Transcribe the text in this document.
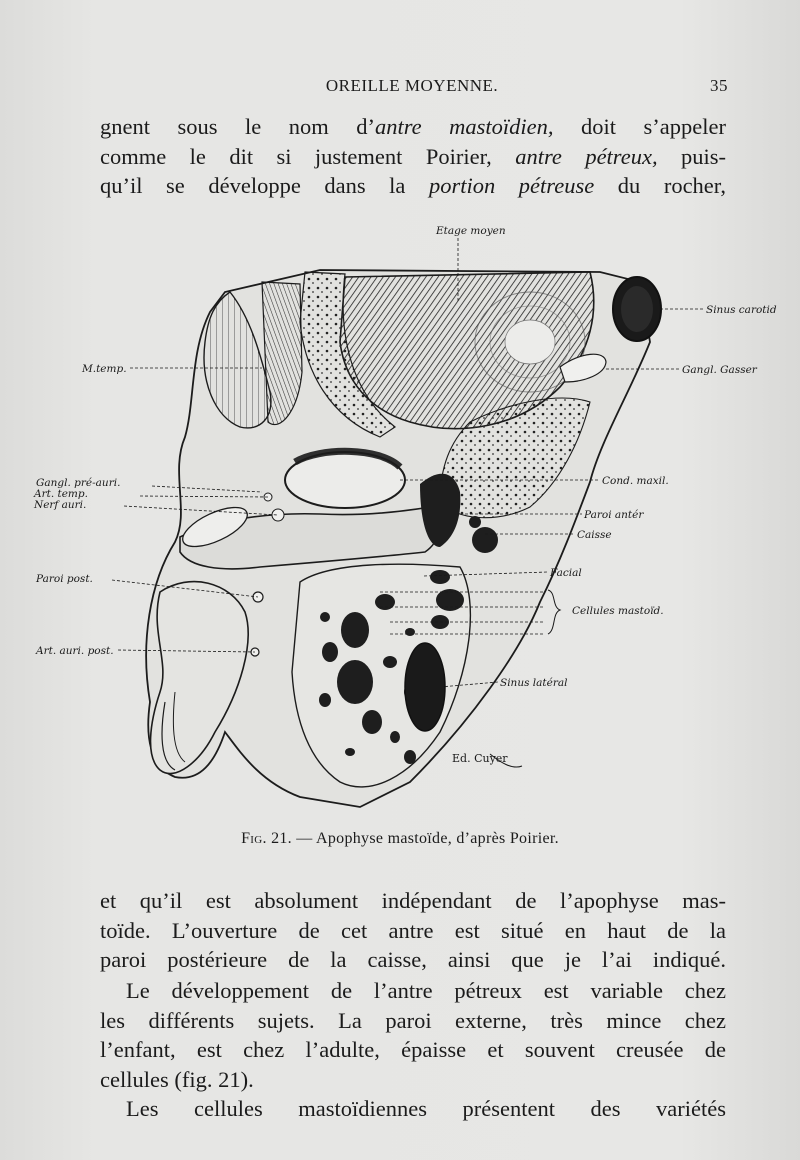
OREILLE MOYENNE.	35
gnent sous le nom d’antre mastoïdien, doit s’appeler
comme le dit si justement Poirier, antre pétreux, puis-
qu’il se développe dans la portion pétreuse du rocher,
Etage moyen
Sinus carotid
Gangl. Gasser
M.temp.
Gangl. pré-auri.
Art. temp.
Nerf auri.
Cond. maxil.
Paroi antér
Caisse
Paroi post.	Facial
Cellules mastoïd.
Art. auri. post.
Sinus latéral
Ed. Cuyer
Fig. 21. — Apophyse mastoïde, d’après Poirier.
et qu’il est absolument indépendant de l’apophyse mas-
toïde. L’ouverture de cet antre est situé en haut de la
paroi postérieure de la caisse, ainsi que je l’ai indiqué.
Le développement de l’antre pétreux est variable chez
les différents sujets. La paroi externe, très mince chez
l’enfant, est chez l’adulte, épaisse et souvent creusée de
cellules (fig. 21).
Les cellules mastoïdiennes présentent des variétés
